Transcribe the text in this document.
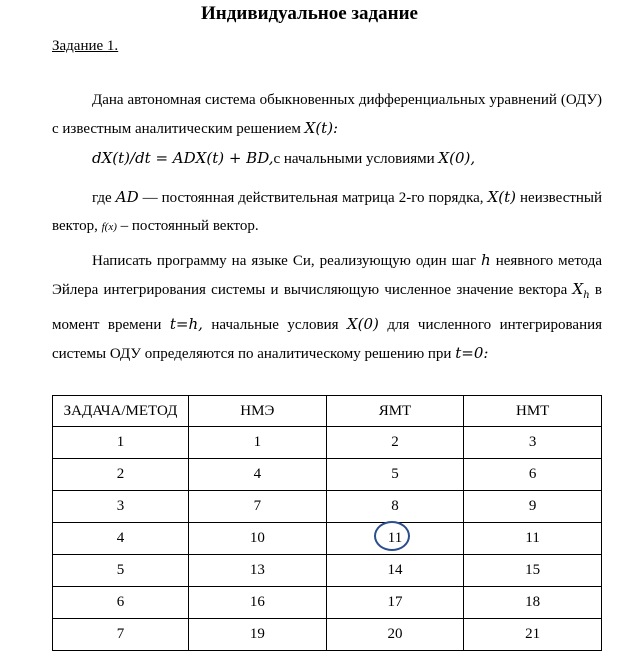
Индивидуальное задание
Задание 1.
Дана автономная система обыкновенных дифференциальных уравнений (ОДУ) с известным аналитическим решением X(t):
dX(t)/dt = ADX(t) + BD,с начальными условиями X(0),
где AD — постоянная действительная матрица 2-го порядка, X(t) неизвестный вектор, f(x) – постоянный вектор.
Написать программу на языке Си, реализующую один шаг h неявного метода Эйлера интегрирования системы и вычисляющую численное значение вектора $X_h$ в момент времени t=h, начальные условия X(0) для численного интегрирования системы ОДУ определяются по аналитическому решению при t=0:
ЗАДАЧА/МЕТОД	НМЭ	ЯМТ	НМТ
1	1	2	3
2	4	5	6
3	7	8	9
4	10	11	11
5	13	14	15
6	16	17	18
7	19	20	21
